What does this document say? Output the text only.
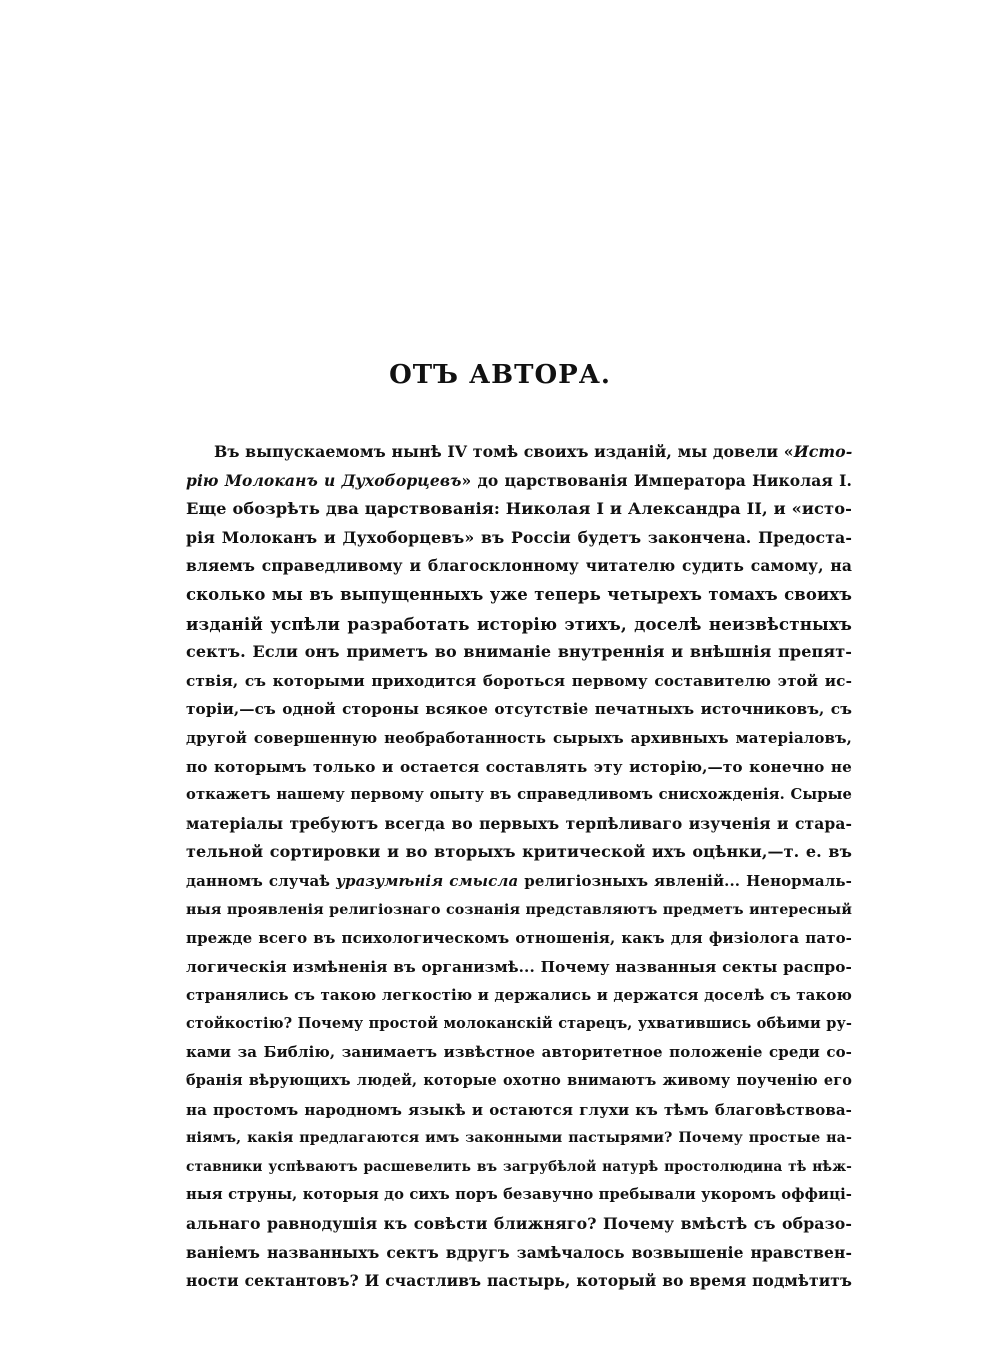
ОТЪ АВТОРА.
Въ выпускаемомъ нынѣ IV томѣ своихъ изданій, мы довели «Исто-
рію Молоканъ и Духоборцевъ» до царствованія Императора Николая I.
Еще обозрѣть два царствованія: Николая I и Александра II, и «исто-
рія Молоканъ и Духоборцевъ» въ Россіи будетъ закончена. Предоста-
вляемъ справедливому и благосклонному читателю судить самому, на
сколько мы въ выпущенныхъ уже теперь четырехъ томахъ своихъ
изданій успѣли разработать исторію этихъ, доселѣ неизвѣстныхъ
сектъ. Если онъ приметъ во вниманіе внутреннія и внѣшнія препят-
ствія, съ которыми приходится бороться первому составителю этой ис-
торіи,—съ одной стороны всякое отсутствіе печатныхъ источниковъ, съ
другой совершенную необработанность сырыхъ архивныхъ матеріаловъ,
по которымъ только и остается составлять эту исторію,—то конечно не
откажетъ нашему первому опыту въ справедливомъ снисхожденія. Сырые
матеріалы требуютъ всегда во первыхъ терпѣливаго изученія и стара-
тельной сортировки и во вторыхъ критической ихъ оцѣнки,—т. е. въ
данномъ случаѣ уразумѣнія смысла религіозныхъ явленій... Ненормаль-
ныя проявленія религіознаго сознанія представляютъ предметъ интересный
прежде всего въ психологическомъ отношенія, какъ для физіолога пато-
логическія измѣненія въ организмѣ... Почему названныя секты распро-
странялись съ такою легкостію и держались и держатся доселѣ съ такою
стойкостію? Почему простой молоканскій старецъ, ухватившись обѣими ру-
ками за Библію, занимаетъ извѣстное авторитетное положеніе среди со-
бранія вѣрующихъ людей, которые охотно внимаютъ живому поученію его
на простомъ народномъ языкѣ и остаются глухи къ тѣмъ благовѣствова-
ніямъ, какія предлагаются имъ законными пастырями? Почему простые на-
ставники успѣваютъ расшевелить въ загрубѣлой натурѣ простолюдина тѣ нѣж-
ныя струны, которыя до сихъ поръ безавучно пребывали укоромъ оффиці-
альнаго равнодушія къ совѣсти ближняго? Почему вмѣстѣ съ образо-
ваніемъ названныхъ сектъ вдругъ замѣчалось возвышеніе нравствен-
ности сектантовъ? И счастливъ пастырь, который во время подмѣтитъ
